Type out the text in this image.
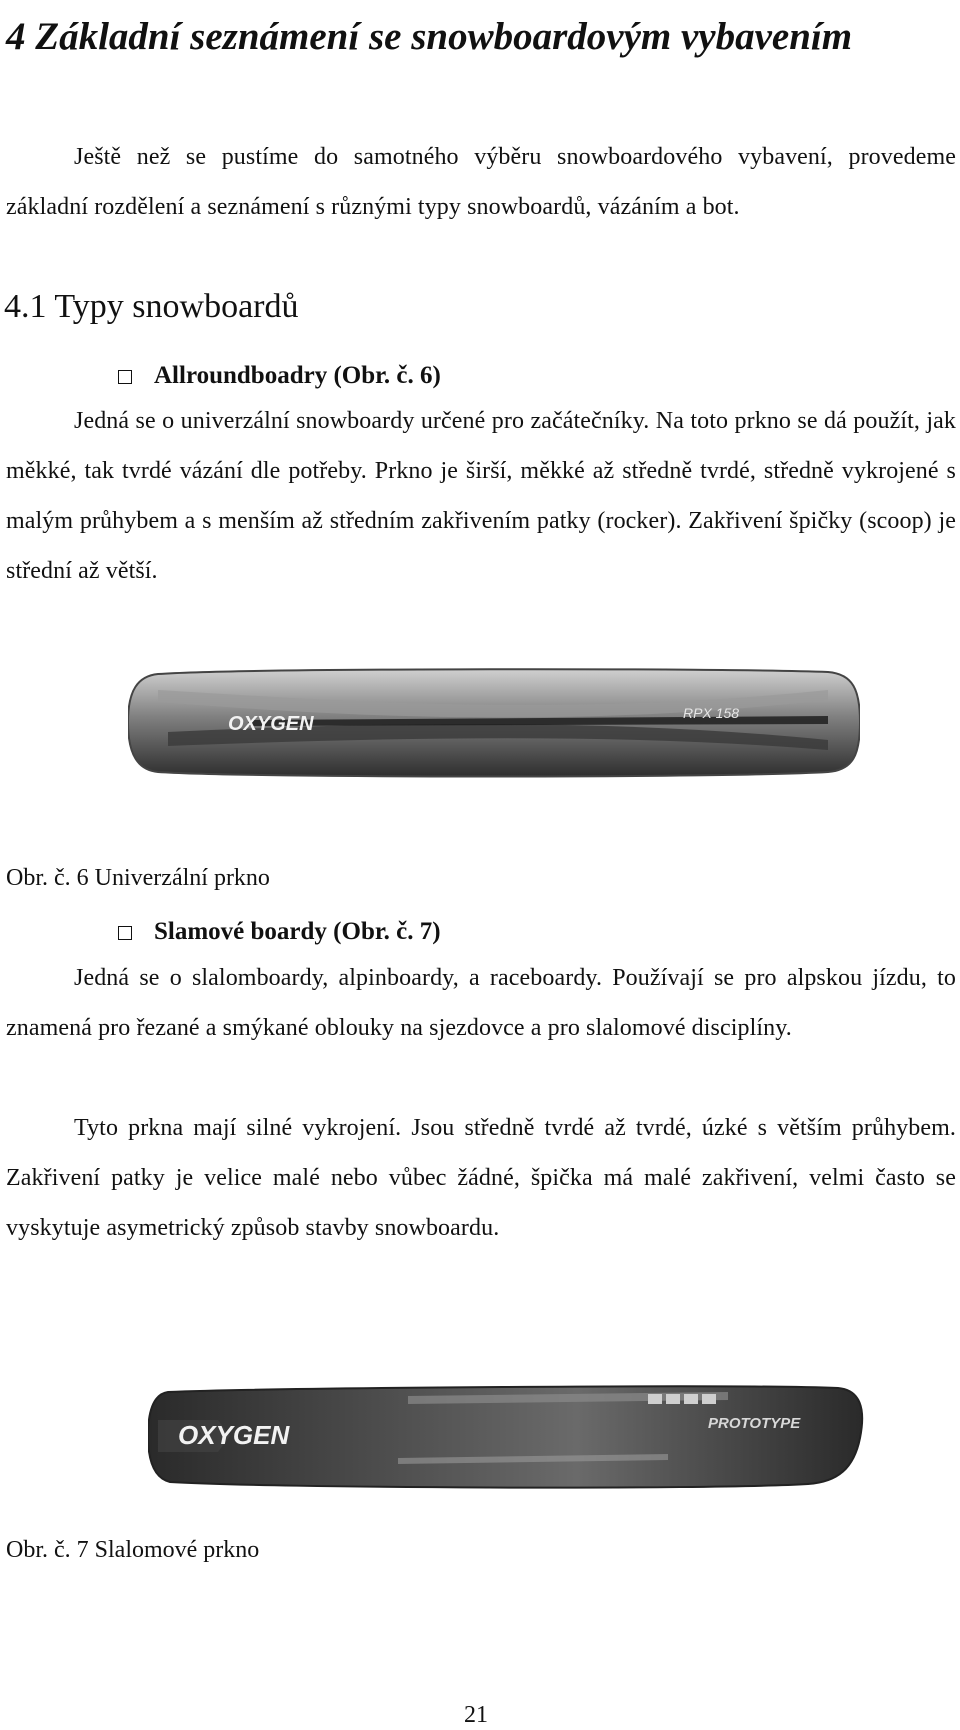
4 Základní seznámení se snowboardovým vybavením

Ještě než se pustíme do samotného výběru snowboardového vybavení, provedeme základní rozdělení a seznámení s různými typy snowboardů, vázáním a bot.

4.1 Typy snowboardů
Allroundboadry (Obr. č. 6)

Jedná se o univerzální snowboardy určené pro začátečníky. Na toto prkno se dá použít, jak měkké, tak tvrdé vázání dle potřeby. Prkno je širší, měkké až středně tvrdé, středně vykrojené s malým průhybem a s menším až středním zakřivením patky (rocker). Zakřivení špičky (scoop) je střední až větší.

OXYGEN	RPX 158

Obr. č. 6 Univerzální prkno

Slamové boardy (Obr. č. 7)

Jedná se o slalomboardy, alpinboardy, a raceboardy. Používají se pro alpskou jízdu, to znamená pro řezané a smýkané oblouky na sjezdovce a pro slalomové disciplíny.

Tyto prkna mají silné vykrojení. Jsou středně tvrdé až tvrdé, úzké s větším průhybem. Zakřivení patky je velice malé nebo vůbec žádné, špička má malé zakřivení, velmi často se vyskytuje asymetrický způsob stavby snowboardu.

OXYGEN	PROTOTYPE

Obr. č. 7 Slalomové prkno

21
